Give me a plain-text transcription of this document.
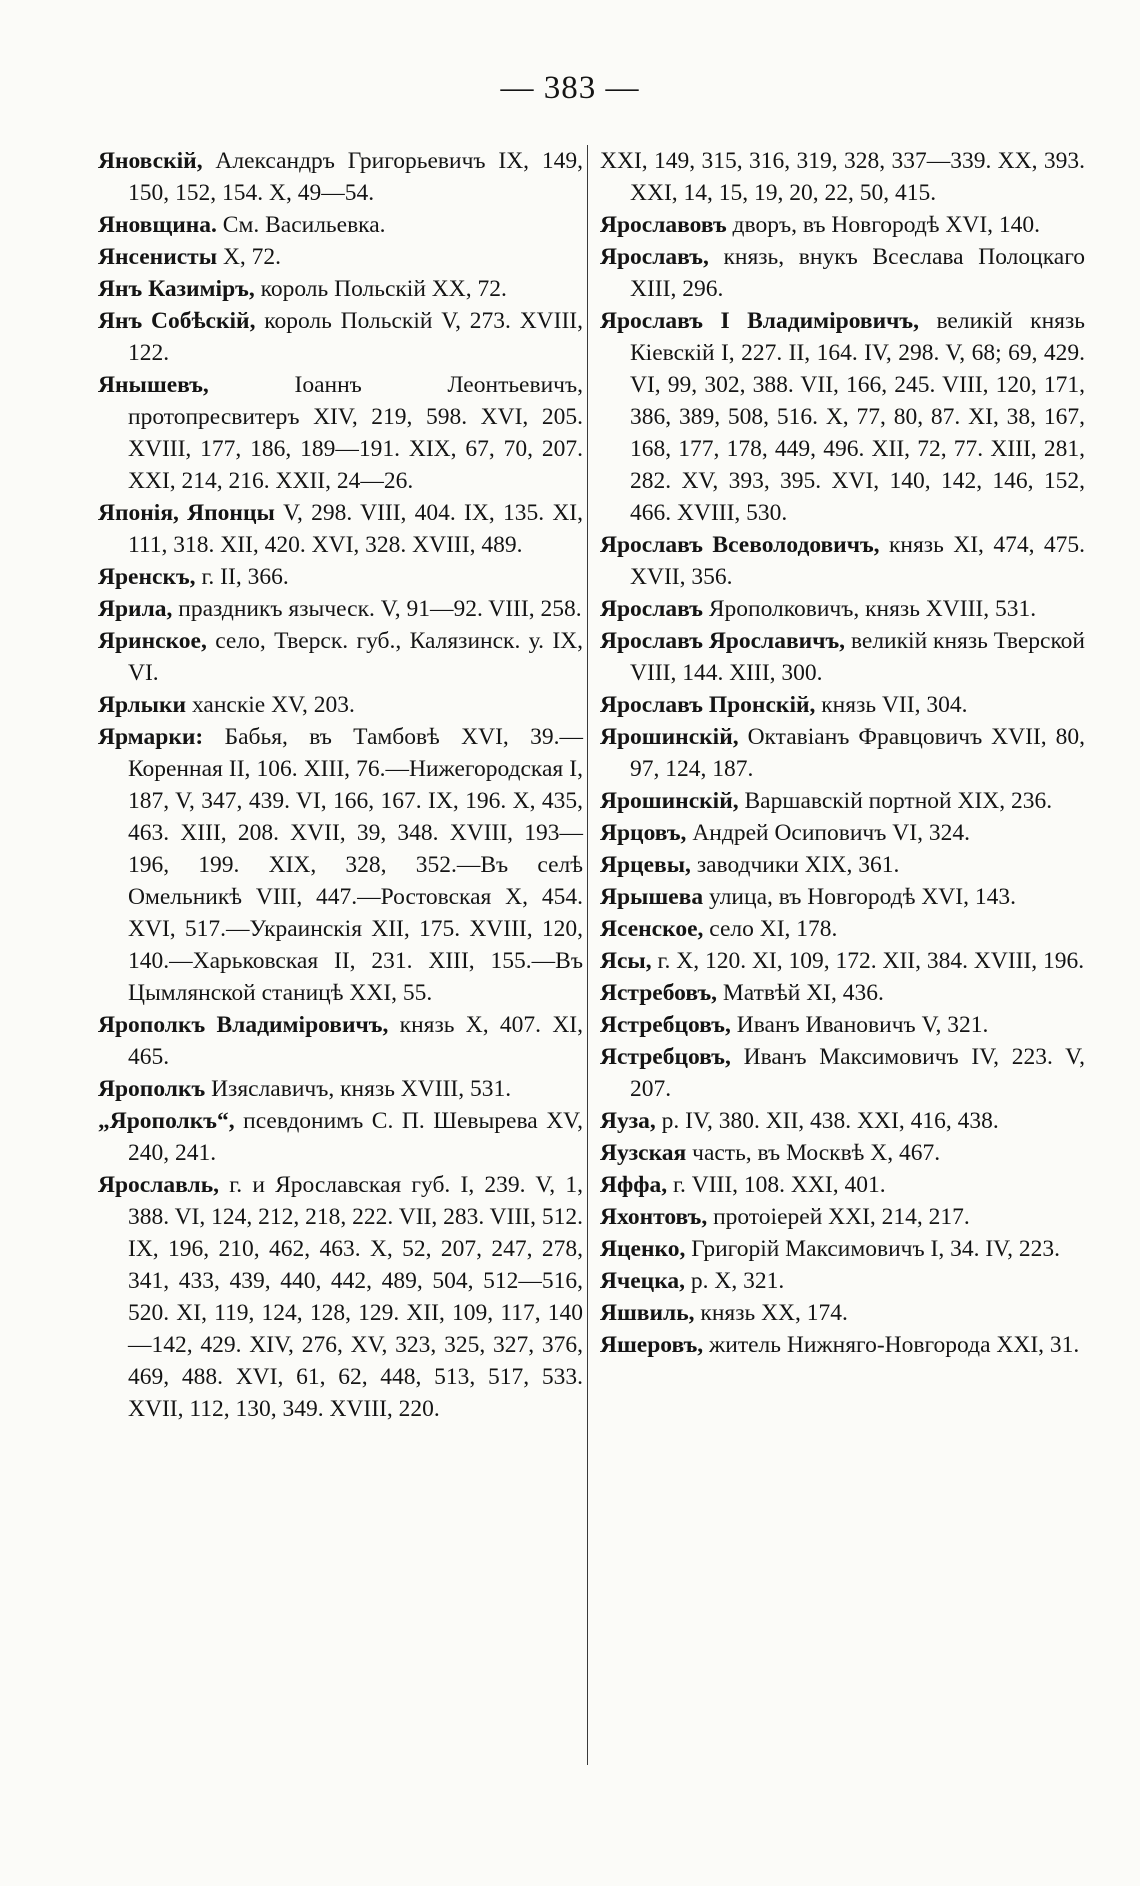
— 383 —

Яновскій, Александръ Григорьевичъ IX, 149, 150, 152, 154. X, 49—54.

Яновщина. См. Васильевка.

Янсенисты X, 72.

Янъ Казиміръ, король Польскій XX, 72.

Янъ Собѣскій, король Польскій V, 273. XVIII, 122.

Янышевъ, Іоаннъ Леонтьевичъ, протопресвитеръ XIV, 219, 598. XVI, 205. XVIII, 177, 186, 189—191. XIX, 67, 70, 207. XXI, 214, 216. XXII, 24—26.

Японія, Японцы V, 298. VIII, 404. IX, 135. XI, 111, 318. XII, 420. XVI, 328. XVIII, 489.

Яренскъ, г. II, 366.

Ярила, праздникъ языческ. V, 91—92. VIII, 258.

Яринское, село, Тверск. губ., Калязинск. у. IX, VI.

Ярлыки ханскіе XV, 203.

Ярмарки: Бабья, въ Тамбовѣ XVI, 39.—Коренная II, 106. XIII, 76.—Нижегородская I, 187, V, 347, 439. VI, 166, 167. IX, 196. X, 435, 463. XIII, 208. XVII, 39, 348. XVIII, 193—196, 199. XIX, 328, 352.—Въ селѣ Омельникѣ VIII, 447.—Ростовская X, 454. XVI, 517.—Украинскія XII, 175. XVIII, 120, 140.—Харьковская II, 231. XIII, 155.—Въ Цымлянской станицѣ XXI, 55.

Ярополкъ Владиміровичъ, князь X, 407. XI, 465.

Ярополкъ Изяславичъ, князь XVIII, 531.

„Ярополкъ“, псевдонимъ С. П. Шевырева XV, 240, 241.

Ярославль, г. и Ярославская губ. I, 239. V, 1, 388. VI, 124, 212, 218, 222. VII, 283. VIII, 512. IX, 196, 210, 462, 463. X, 52, 207, 247, 278, 341, 433, 439, 440, 442, 489, 504, 512—516, 520. XI, 119, 124, 128, 129. XII, 109, 117, 140—142, 429. XIV, 276, XV, 323, 325, 327, 376, 469, 488. XVI, 61, 62, 448, 513, 517, 533. XVII, 112, 130, 349. XVIII, 220.

XXI, 149, 315, 316, 319, 328, 337—339. XX, 393. XXI, 14, 15, 19, 20, 22, 50, 415.

Ярославовъ дворъ, въ Новгородѣ XVI, 140.

Ярославъ, князь, внукъ Всеслава Полоцкаго XIII, 296.

Ярославъ I Владиміровичъ, великій князь Кіевскій I, 227. II, 164. IV, 298. V, 68; 69, 429. VI, 99, 302, 388. VII, 166, 245. VIII, 120, 171, 386, 389, 508, 516. X, 77, 80, 87. XI, 38, 167, 168, 177, 178, 449, 496. XII, 72, 77. XIII, 281, 282. XV, 393, 395. XVI, 140, 142, 146, 152, 466. XVIII, 530.

Ярославъ Всеволодовичъ, князь XI, 474, 475. XVII, 356.

Ярославъ Ярополковичъ, князь XVIII, 531.

Ярославъ Ярославичъ, великій князь Тверской VIII, 144. XIII, 300.

Ярославъ Пронскій, князь VII, 304.

Ярошинскій, Октавіанъ Фравцовичъ XVII, 80, 97, 124, 187.

Ярошинскій, Варшавскій портной XIX, 236.

Ярцовъ, Андрей Осиповичъ VI, 324.

Ярцевы, заводчики XIX, 361.

Ярышева улица, въ Новгородѣ XVI, 143.

Ясенское, село XI, 178.

Ясы, г. X, 120. XI, 109, 172. XII, 384. XVIII, 196.

Ястребовъ, Матвѣй XI, 436.

Ястребцовъ, Иванъ Ивановичъ V, 321.

Ястребцовъ, Иванъ Максимовичъ IV, 223. V, 207.

Яуза, р. IV, 380. XII, 438. XXI, 416, 438.

Яузская часть, въ Москвѣ X, 467.

Яффа, г. VIII, 108. XXI, 401.

Яхонтовъ, протоіерей XXI, 214, 217.

Яценко, Григорій Максимовичъ I, 34. IV, 223.

Ячецка, р. X, 321.

Яшвиль, князь XX, 174.

Яшеровъ, житель Нижняго-Новгорода XXI, 31.
